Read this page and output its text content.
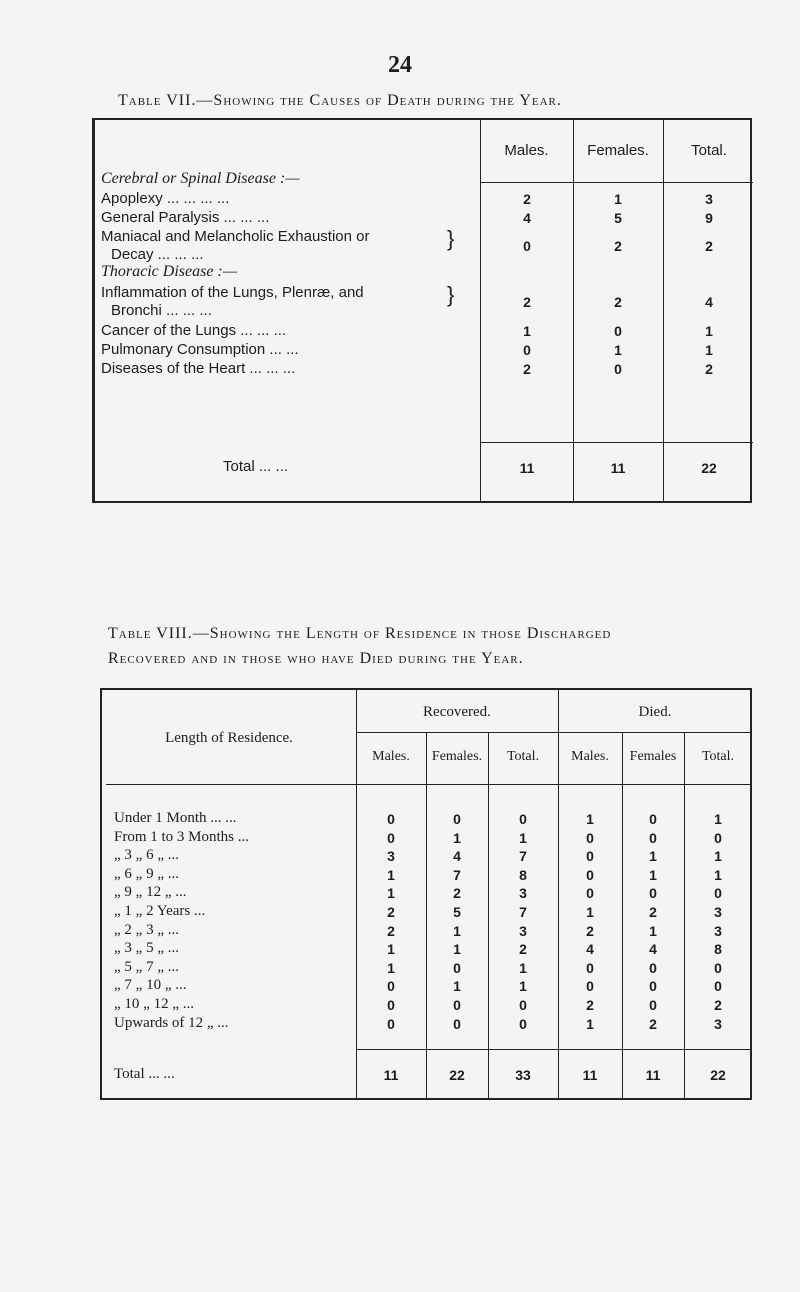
24
Table VII.—Showing the Causes of Death during the Year.
Males.	Females.	Total.
Cerebral or Spinal Disease :—
Apoplexy ... ... ... ...	2	1	3
General Paralysis ... ... ...	4	5	9
Maniacal and Melancholic Exhaustion or
Decay ... ... ...
}	0	2	2
Thoracic Disease :—
Inflammation of the Lungs, Plenræ, and
Bronchi ... ... ...
}	2	2	4
Cancer of the Lungs ... ... ...	1	0	1
Pulmonary Consumption ... ...	0	1	1
Diseases of the Heart ... ... ...	2	0	2
Total ... ...	11	11	22
Table VIII.—Showing the Length of Residence in those Discharged
Recovered and in those who have Died during the Year.
Length of Residence.
Recovered.	Died.
Males.	Females.	Total.	Males.	Females	Total.
Under 1 Month ... ...	0	0	0	1	0	1
From 1 to 3 Months ...	0	1	1	0	0	0
„ 3 „ 6 „ ...	3	4	7	0	1	1
„ 6 „ 9 „ ...	1	7	8	0	1	1
„ 9 „ 12 „ ...	1	2	3	0	0	0
„ 1 „ 2 Years ...	2	5	7	1	2	3
„ 2 „ 3 „ ...	2	1	3	2	1	3
„ 3 „ 5 „ ...	1	1	2	4	4	8
„ 5 „ 7 „ ...	1	0	1	0	0	0
„ 7 „ 10 „ ...	0	1	1	0	0	0
„ 10 „ 12 „ ...	0	0	0	2	0	2
Upwards of 12 „ ...	0	0	0	1	2	3
Total ... ...	11	22	33	11	11	22
